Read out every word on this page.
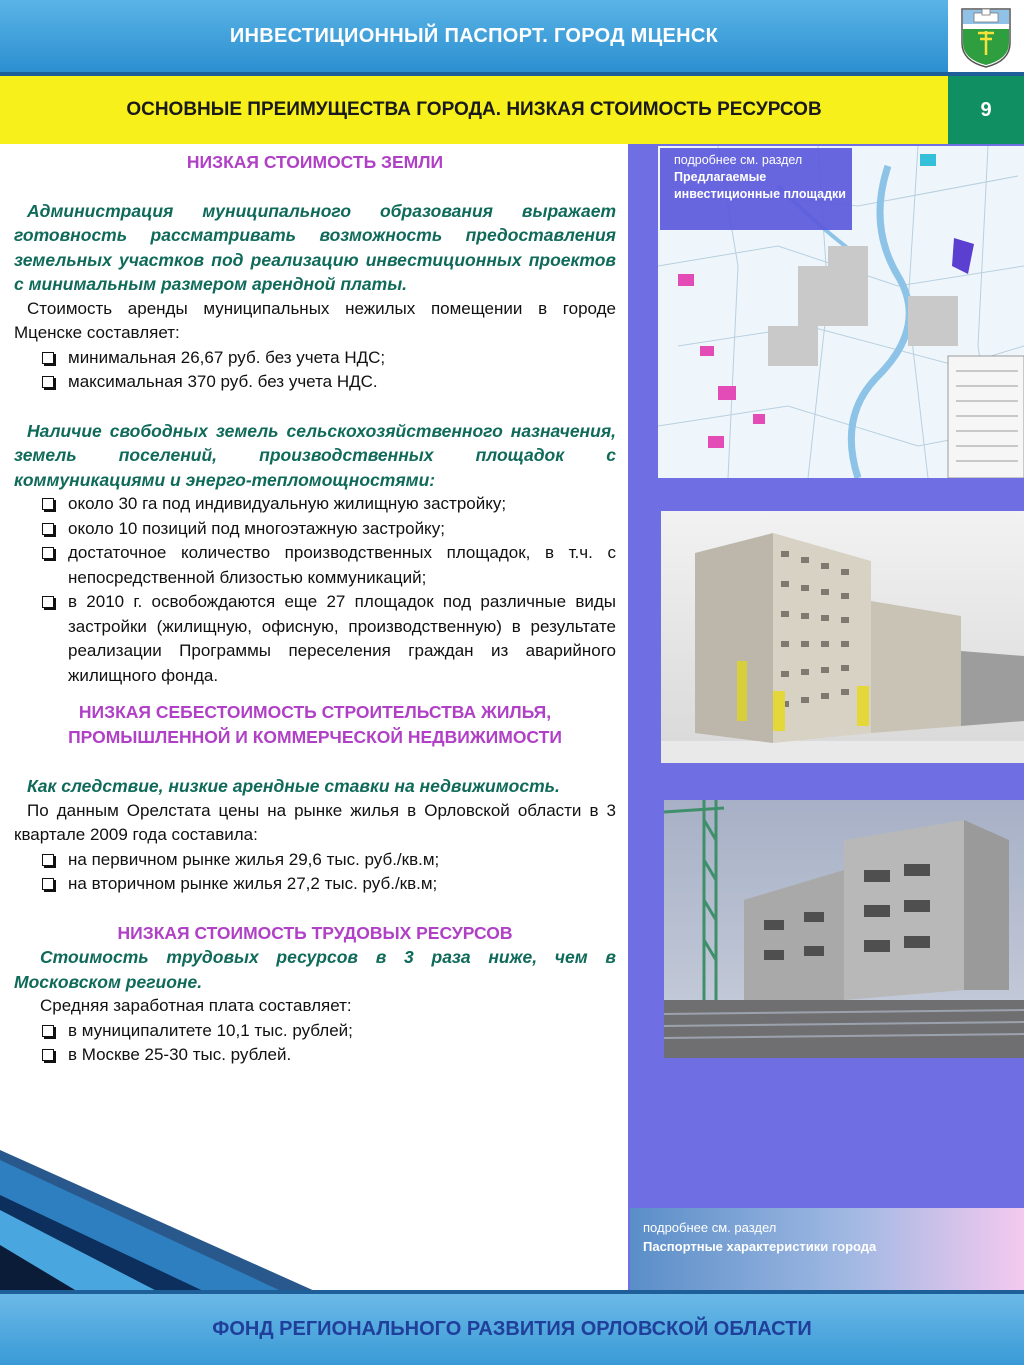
ИНВЕСТИЦИОННЫЙ ПАСПОРТ. ГОРОД МЦЕНСК
ОСНОВНЫЕ ПРЕИМУЩЕСТВА ГОРОДА. НИЗКАЯ СТОИМОСТЬ РЕСУРСОВ	9
подробнее см. раздел
Предлагаемые инвестиционные площадки
подробнее см. раздел
Паспортные характеристики города
НИЗКАЯ СТОИМОСТЬ ЗЕМЛИ
Администрация муниципального образования выражает готовность рассматривать возможность предоставления земельных участков под реализацию инвестиционных проектов с минимальным размером арендной платы.
Стоимость аренды муниципальных нежилых помещении в городе Мценске составляет:
минимальная 26,67 руб. без учета НДС;
максимальная 370 руб. без учета НДС.
Наличие свободных земель сельскохозяйственного назначения, земель поселений, производственных площадок с коммуникациями и энерго-тепломощностями:
около 30 га под индивидуальную жилищную застройку;
около 10 позиций под многоэтажную застройку;
достаточное количество производственных площадок, в т.ч. с непосредственной близостью коммуникаций;
в 2010 г. освобождаются еще 27 площадок под различные виды застройки (жилищную, офисную, производственную) в результате реализации Программы переселения граждан из аварийного жилищного фонда.
НИЗКАЯ СЕБЕСТОИМОСТЬ СТРОИТЕЛЬСТВА ЖИЛЬЯ,
ПРОМЫШЛЕННОЙ И КОММЕРЧЕСКОЙ НЕДВИЖИМОСТИ
Как следствие, низкие арендные ставки на недвижимость.
По данным Орелстата цены на рынке жилья в Орловской области в 3 квартале 2009 года составила:
на первичном рынке жилья 29,6 тыс. руб./кв.м;
на вторичном рынке жилья 27,2 тыс. руб./кв.м;
НИЗКАЯ СТОИМОСТЬ ТРУДОВЫХ РЕСУРСОВ
Стоимость трудовых ресурсов в 3 раза ниже, чем в Московском регионе.
Средняя заработная плата составляет:
в муниципалитете 10,1 тыс. рублей;
в Москве 25-30 тыс. рублей.
ФОНД РЕГИОНАЛЬНОГО РАЗВИТИЯ ОРЛОВСКОЙ ОБЛАСТИ
